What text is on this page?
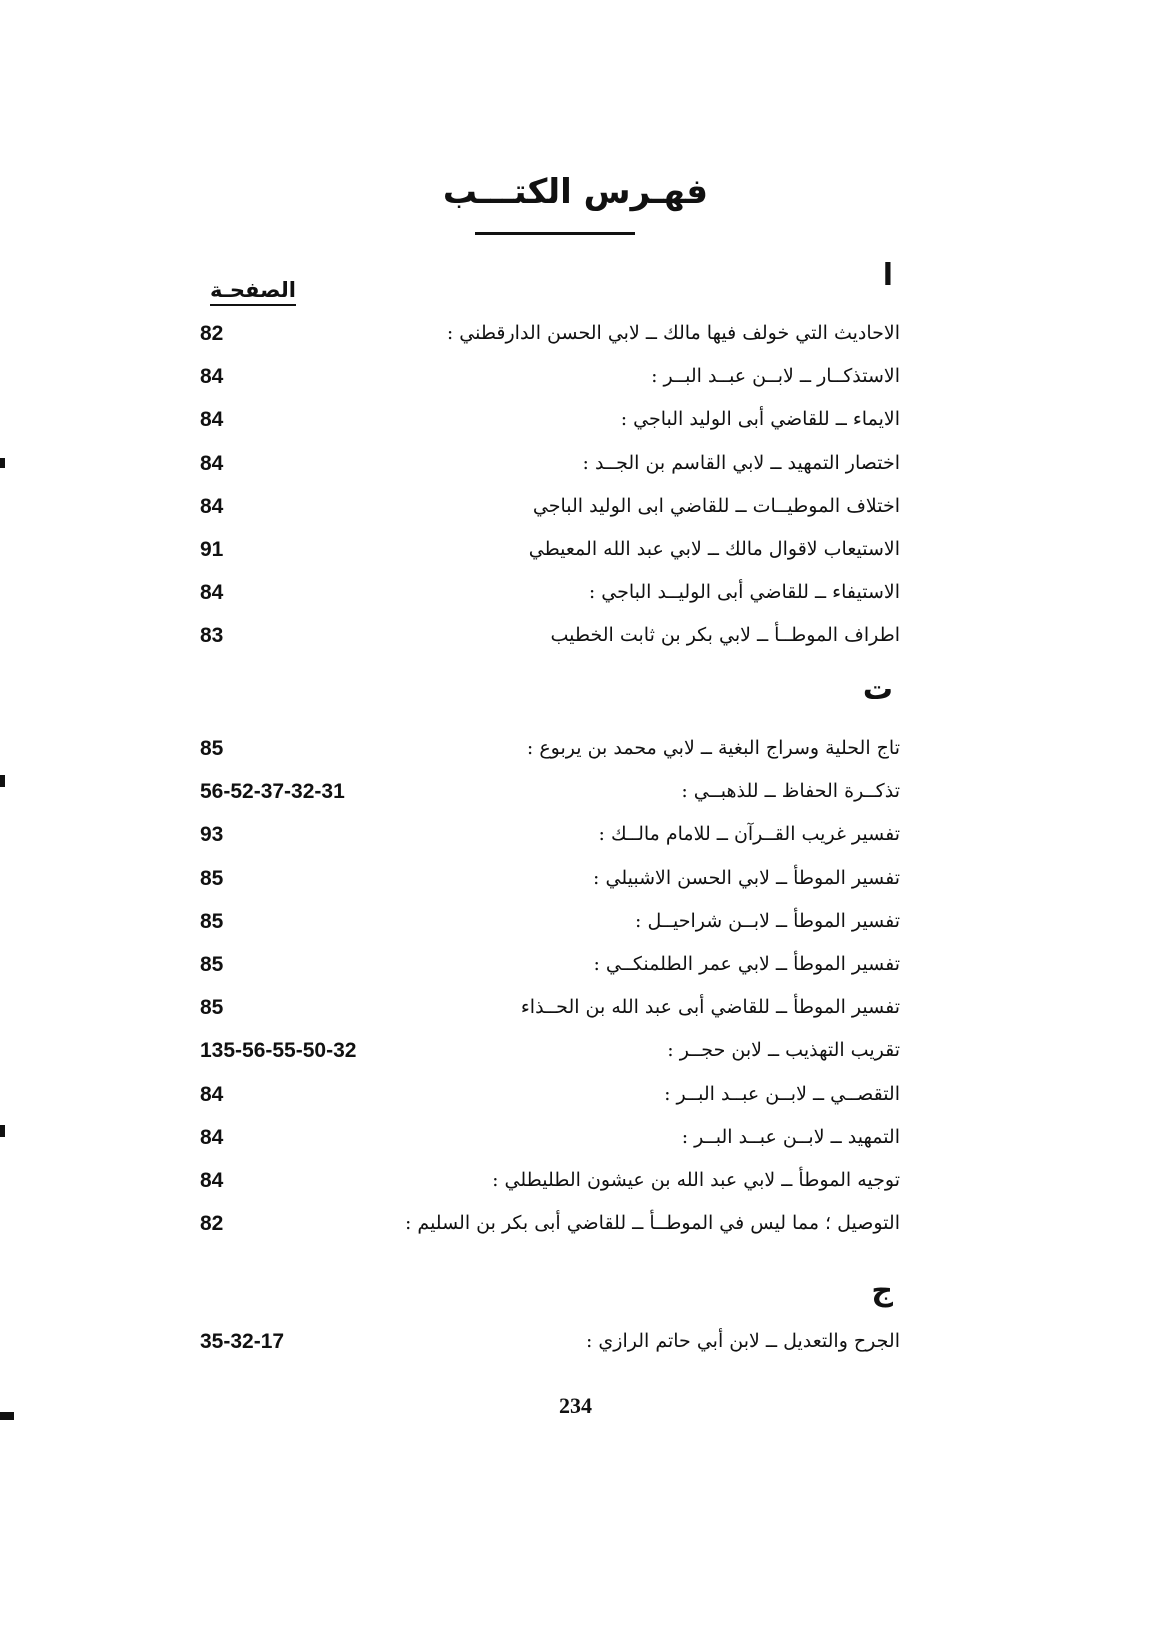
فهـرس الكتـــب
الصفحـة	ا
الاحاديث التي خولف فيها مالك ــ لابي الحسن الدارقطني :
82
الاستذكــار ــ لابــن عبــد البــر :
84
الايماء ــ للقاضي أبى الوليد الباجي :
84
اختصار التمهيد ــ لابي القاسم بن الجــد :
84
اختلاف الموطيــات ــ للقاضي ابى الوليد الباجي
84
الاستيعاب لاقوال مالك ــ لابي عبد الله المعيطي
91
الاستيفاء ــ للقاضي أبى الوليــد الباجي :
84
اطراف الموطــأ ــ لابي بكر بن ثابت الخطيب
83
ت
تاج الحلية وسراج البغية ــ لابي محمد بن يربوع :
85
تذكــرة الحفاظ ــ للذهبــي :
56-52-37-32-31
تفسير غريب القــرآن ــ للامام مالــك :
93
تفسير الموطأ ــ لابي الحسن الاشبيلي :
85
تفسير الموطأ ــ لابــن شراحيــل :
85
تفسير الموطأ ــ لابي عمر الطلمنكــي :
85
تفسير الموطأ ــ للقاضي أبى عبد الله بن الحــذاء
85
تقريب التهذيب ــ لابن حجــر :
135-56-55-50-32
التقصــي ــ لابــن عبــد البــر :
84
التمهيد ــ لابــن عبــد البــر :
84
توجيه الموطأ ــ لابي عبد الله بن عيشون الطليطلي :
84
التوصيل ؛ مما ليس في الموطــأ ــ للقاضي أبى بكر بن السليم :
82
ج
الجرح والتعديل ــ لابن أبي حاتم الرازي :
35-32-17
234
